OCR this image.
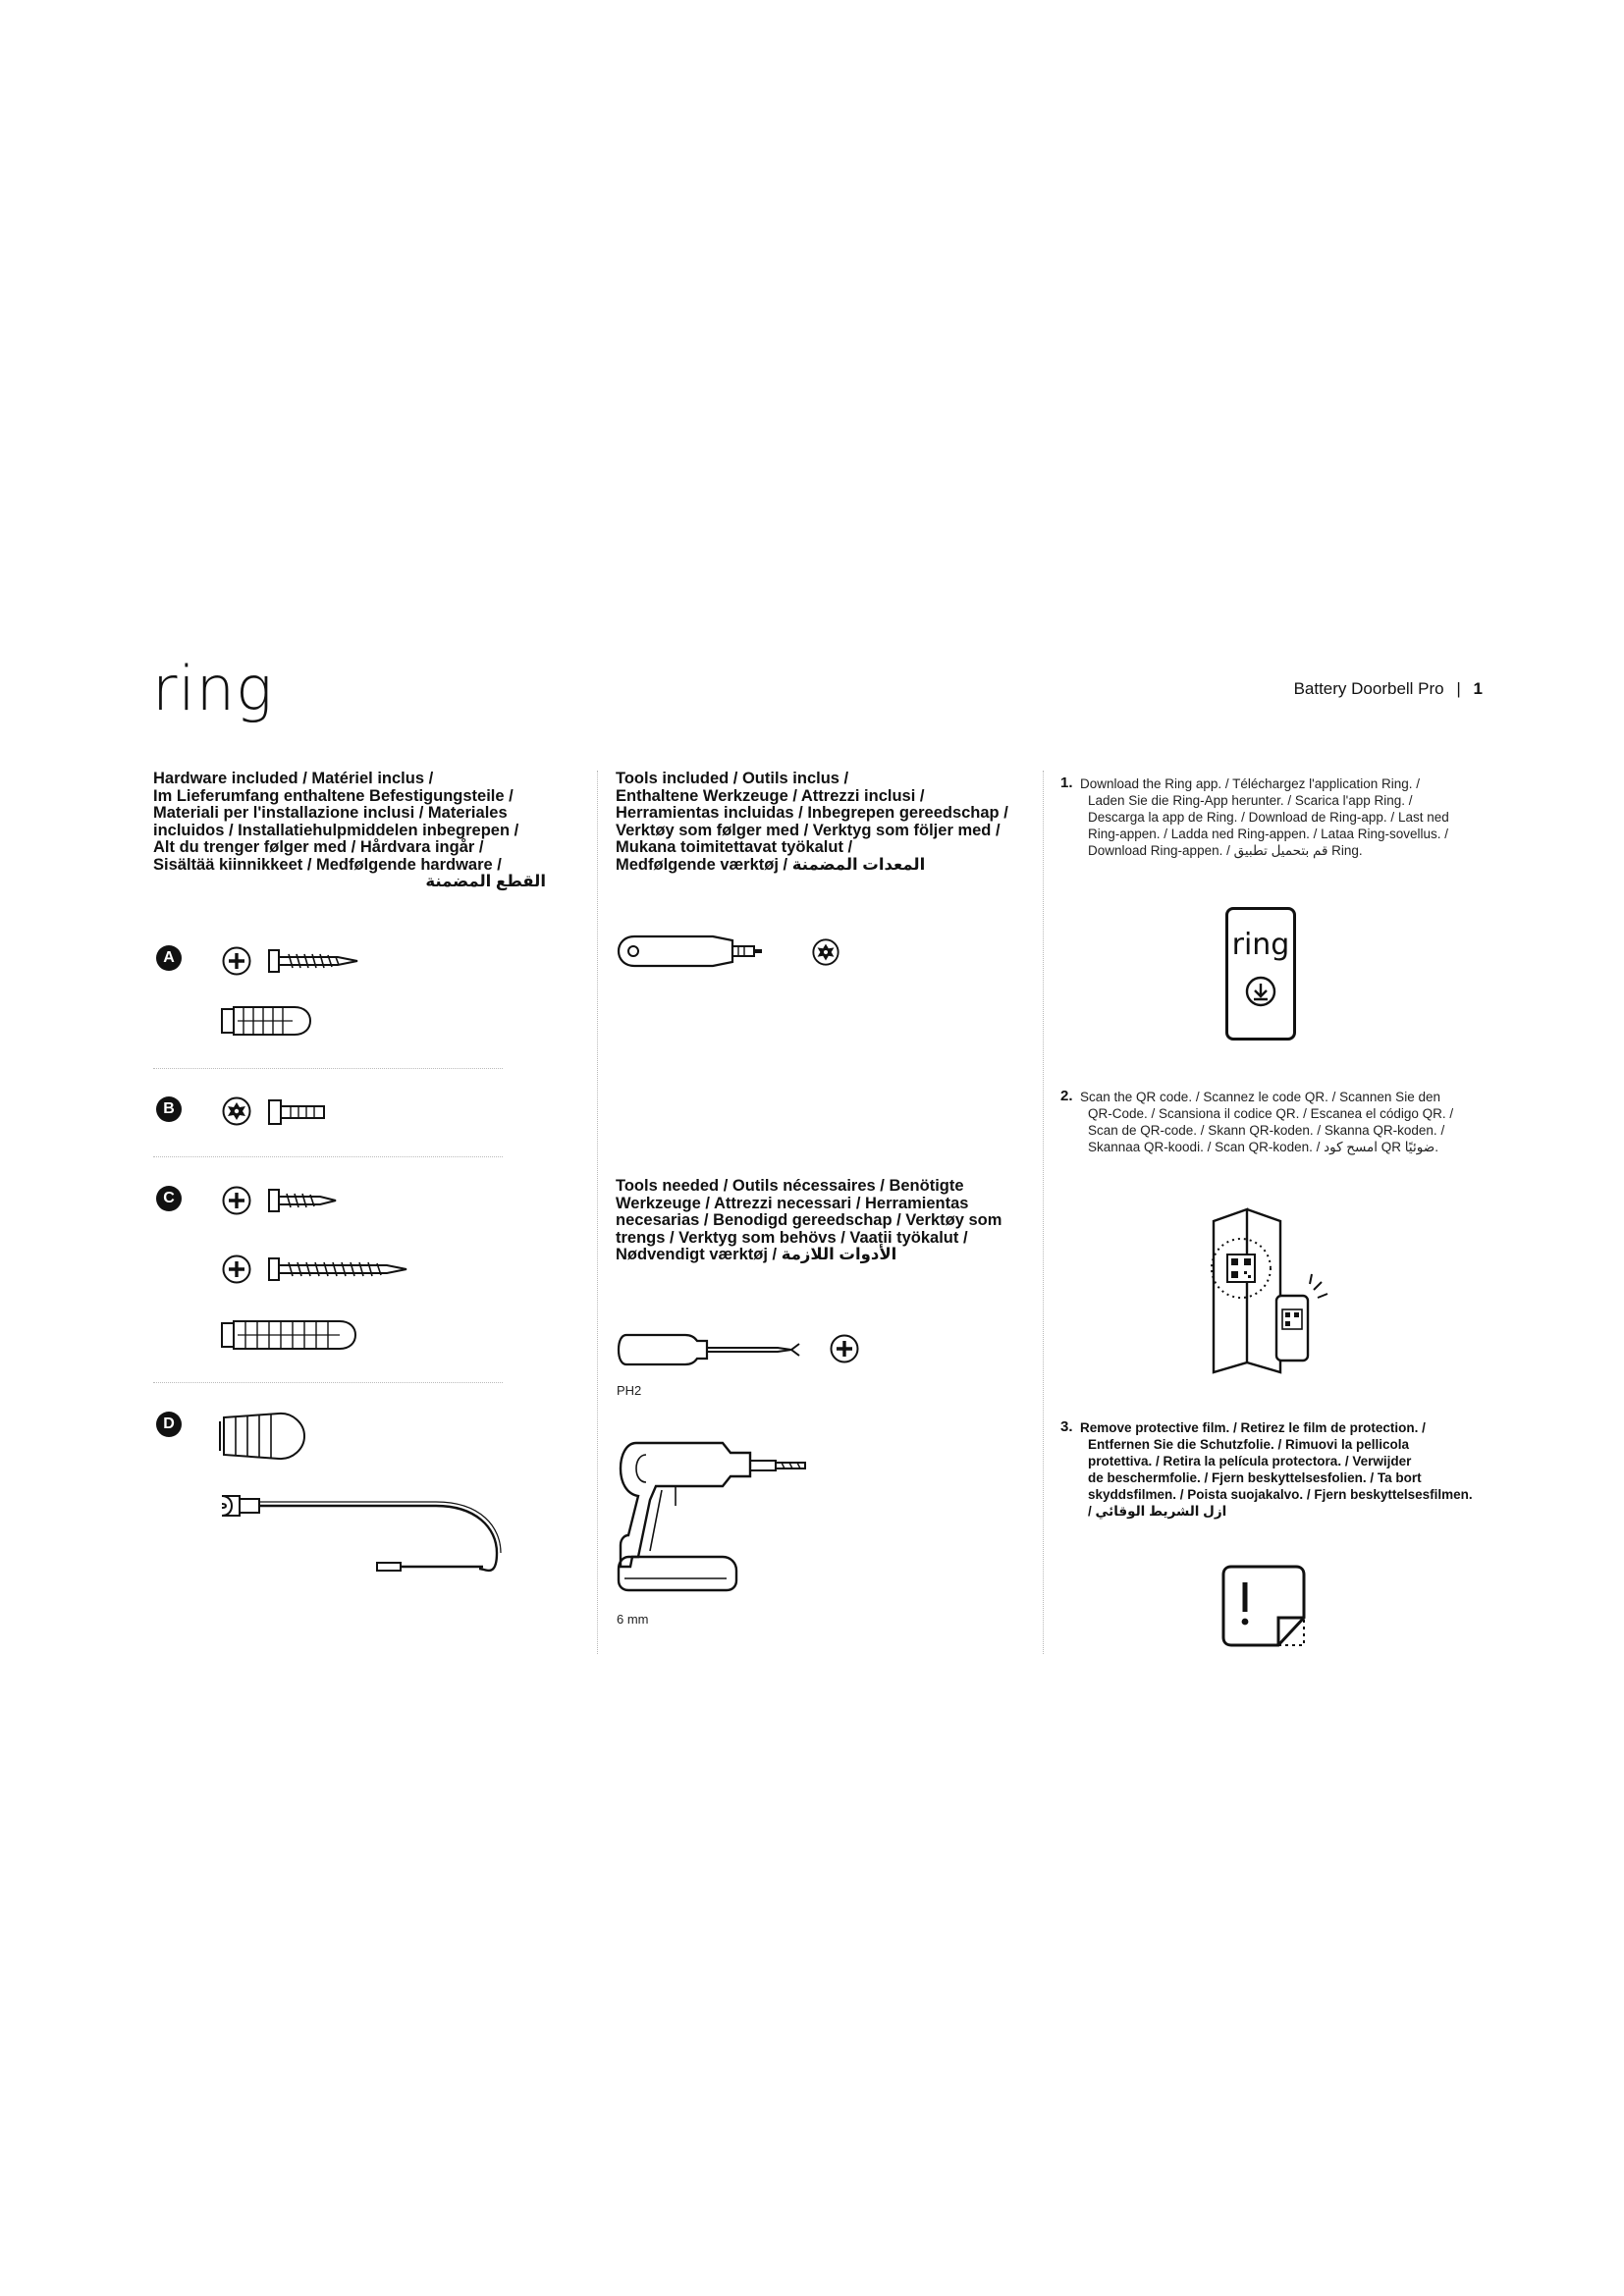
ring	Battery Doorbell Pro | 1
Hardware included / Matériel inclus /
Im Lieferumfang enthaltene Befestigungsteile /
Materiali per l'installazione inclusi / Materiales
incluidos / Installatiehulpmiddelen inbegrepen /
Alt du trenger følger med / Hårdvara ingår /
Sisältää kiinnikkeet / Medfølgende hardware /
القطع المضمنة
A
B
C
D
Tools included / Outils inclus /
Enthaltene Werkzeuge / Attrezzi inclusi /
Herramientas incluidas / Inbegrepen gereedschap /
Verktøy som følger med / Verktyg som följer med /
Mukana toimitettavat työkalut /
Medfølgende værktøj / المعدات المضمنة
Tools needed / Outils nécessaires / Benötigte
Werkzeuge / Attrezzi necessari / Herramientas
necesarias / Benodigd gereedschap / Verktøy som
trengs / Verktyg som behövs / Vaatii työkalut /
Nødvendigt værktøj / الأدوات اللازمة
PH2
6 mm
1. Download the Ring app. / Téléchargez l'application Ring. /
Laden Sie die Ring-App herunter. / Scarica l'app Ring. /
Descarga la app de Ring. / Download de Ring-app. / Last ned
Ring-appen. / Ladda ned Ring-appen. / Lataa Ring-sovellus. /
Download Ring-appen. / قم بتحميل تطبيق Ring.
ring
2. Scan the QR code. / Scannez le code QR. / Scannen Sie den
QR-Code. / Scansiona il codice QR. / Escanea el código QR. /
Scan de QR-code. / Skann QR-koden. / Skanna QR-koden. /
Skannaa QR-koodi. / Scan QR-koden. / امسح كود QR ضوئيًا.
3. Remove protective film. / Retirez le film de protection. /
Entfernen Sie die Schutzfolie. / Rimuovi la pellicola
protettiva. / Retira la película protectora. / Verwijder
de beschermfolie. / Fjern beskyttelsesfolien. / Ta bort
skyddsfilmen. / Poista suojakalvo. / Fjern beskyttelsesfilmen.
/ ازل الشريط الوقائي
